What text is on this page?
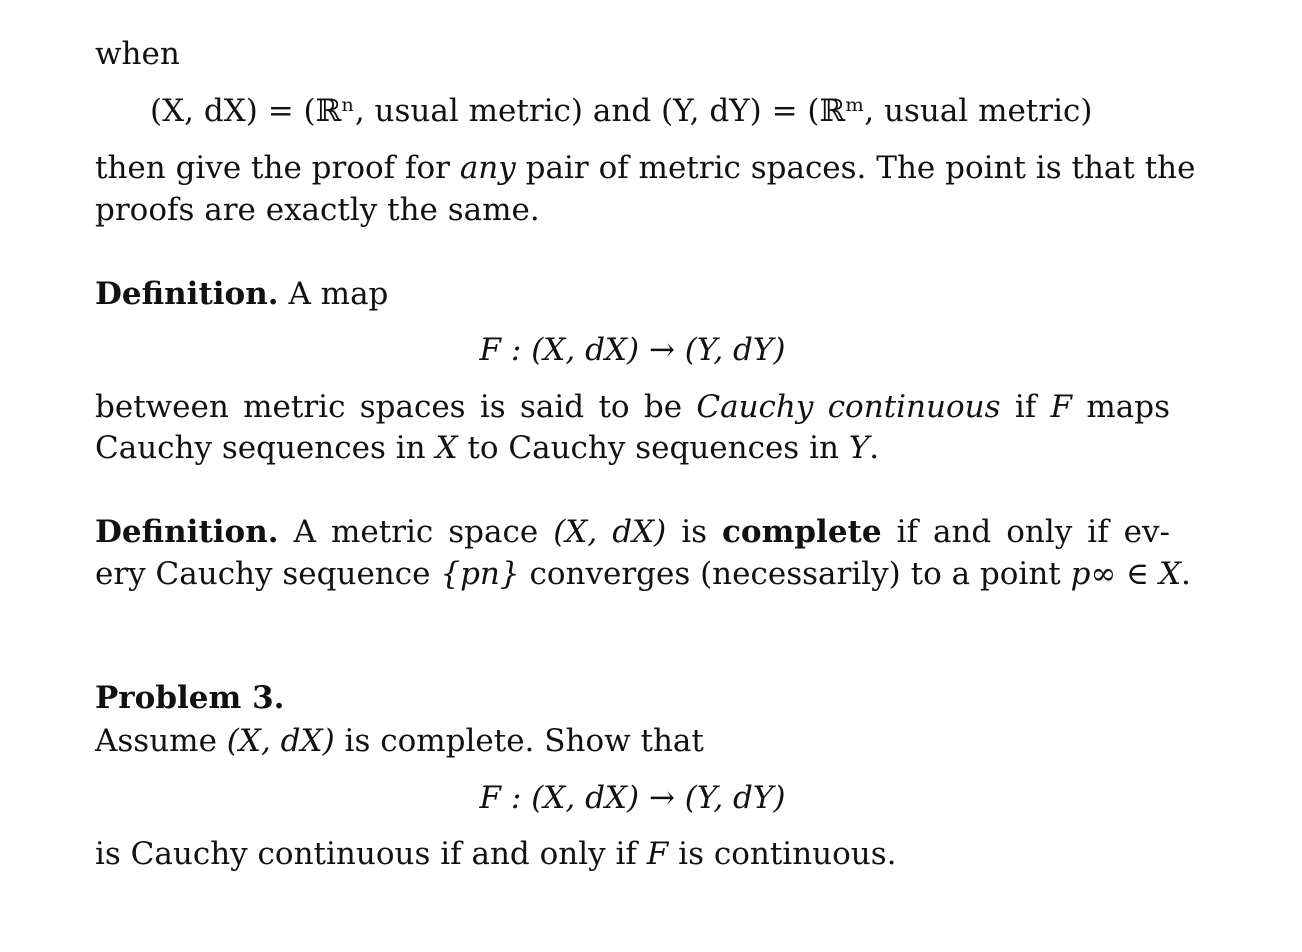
when
(X, dX) = (ℝⁿ, usual metric) and (Y, dY) = (ℝᵐ, usual metric)
then give the proof for any pair of metric spaces. The point is that the
proofs are exactly the same.
Definition. A map
F : (X, dX) → (Y, dY)
between metric spaces is said to be Cauchy continuous if F maps
Cauchy sequences in X to Cauchy sequences in Y.
Definition. A metric space (X, dX) is complete if and only if ev-
ery Cauchy sequence {pn} converges (necessarily) to a point p∞ ∈ X.
Problem 3.
Assume (X, dX) is complete. Show that
F : (X, dX) → (Y, dY)
is Cauchy continuous if and only if F is continuous.
